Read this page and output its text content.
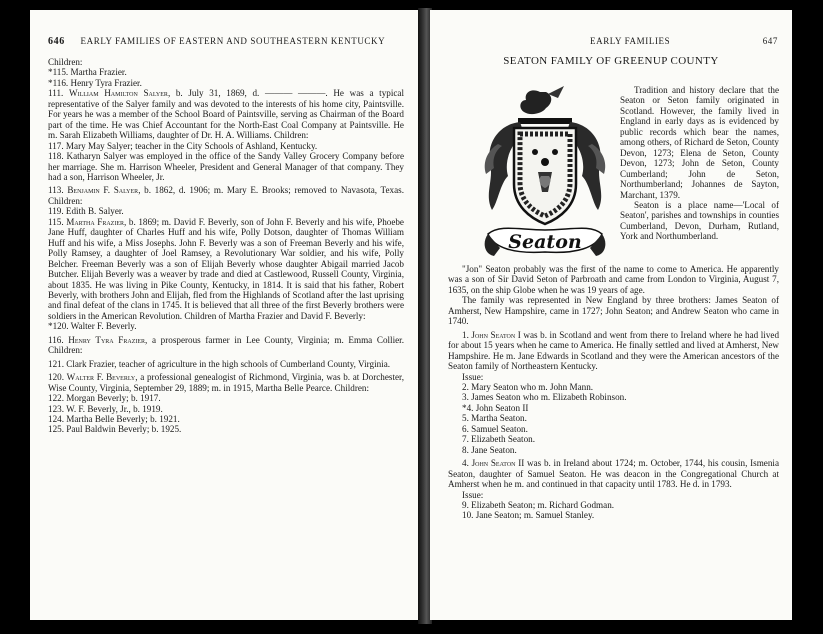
646 EARLY FAMILIES OF EASTERN AND SOUTHEASTERN KENTUCKY

Children:

*115. Martha Frazier.

*116. Henry Tyra Frazier.

111. William Hamilton Salyer, b. July 31, 1869, d. ——— ———. He was a typical representative of the Salyer family and was devoted to the interests of his home city, Paintsville. For years he was a member of the School Board of Paintsville, serving as Chairman of the Board part of the time. He was Chief Accountant for the North-East Coal Company at Paintsville. He m. Sarah Elizabeth Williams, daughter of Dr. H. A. Williams. Children:

117. Mary May Salyer; teacher in the City Schools of Ashland, Kentucky.

118. Katharyn Salyer was employed in the office of the Sandy Valley Grocery Company before her marriage. She m. Harrison Wheeler, President and General Manager of that company. They had a son, Harrison Wheeler, Jr.

113. Benjamin F. Salyer, b. 1862, d. 1906; m. Mary E. Brooks; removed to Navasota, Texas. Children:

119. Edith B. Salyer.

115. Martha Frazier, b. 1869; m. David F. Beverly, son of John F. Beverly and his wife, Phoebe Jane Huff, daughter of Charles Huff and his wife, Polly Dotson, daughter of Thomas William Huff and his wife, a Miss Josephs. John F. Beverly was a son of Freeman Beverly and his wife, Polly Ramsey, a daughter of Joel Ramsey, a Revolutionary War soldier, and his wife, Polly Belcher. Freeman Beverly was a son of Elijah Beverly whose daughter Abigail married Jacob Butcher. Elijah Beverly was a weaver by trade and died at Castlewood, Russell County, Virginia, about 1835. He was living in Pike County, Kentucky, in 1814. It is said that his father, Robert Beverly, with brothers John and Elijah, fled from the Highlands of Scotland after the last uprising and final defeat of the clans in 1745. It is believed that all three of the first Beverly brothers were soldiers in the American Revolution. Children of Martha Frazier and David F. Beverly:

*120. Walter F. Beverly.

116. Henry Tyra Frazier, a prosperous farmer in Lee County, Virginia; m. Emma Collier. Children:

121. Clark Frazier, teacher of agriculture in the high schools of Cumberland County, Virginia.

120. Walter F. Beverly, a professional genealogist of Richmond, Virginia, was b. at Dorchester, Wise County, Virginia, September 29, 1889; m. in 1915, Martha Belle Pearce. Children:

122. Morgan Beverly; b. 1917.

123. W. F. Beverly, Jr., b. 1919.

124. Martha Belle Beverly; b. 1921.

125. Paul Baldwin Beverly; b. 1925.

EARLY FAMILIES	647
SEATON FAMILY OF GREENUP COUNTY
Seaton

Tradition and history declare that the Seaton or Seton family originated in Scotland. However, the family lived in England in early days as is evidenced by public records which bear the names, among others, of Richard de Seton, County Devon, 1273; Elena de Seton, County Devon, 1273; John de Seton, County Cumberland; John de Seton, Northumberland; Johannes de Sayton, Marchant, 1379.

Seaton is a place name—'Local of Seaton', parishes and townships in counties Cumberland, Devon, Durham, Rutland, York and Northumberland.

"Jon" Seaton probably was the first of the name to come to America. He apparently was a son of Sir David Seton of Parbroath and came from London to Virginia, August 7, 1635, on the ship Globe when he was 19 years of age.

The family was represented in New England by three brothers: James Seaton of Amherst, New Hampshire, came in 1727; John Seaton; and Andrew Seaton who came in 1740.

1. John Seaton I was b. in Scotland and went from there to Ireland where he had lived for about 15 years when he came to America. He finally settled and lived at Amherst, New Hampshire. He m. Jane Edwards in Scotland and they were the American ancestors of the Seaton family of Northeastern Kentucky.

Issue:

2. Mary Seaton who m. John Mann.

3. James Seaton who m. Elizabeth Robinson.

*4. John Seaton II

5. Martha Seaton.

6. Samuel Seaton.

7. Elizabeth Seaton.

8. Jane Seaton.

4. John Seaton II was b. in Ireland about 1724; m. October, 1744, his cousin, Ismenia Seaton, daughter of Samuel Seaton. He was deacon in the Congregational Church at Amherst when he m. and continued in that capacity until 1783. He d. in 1793.

Issue:

9. Elizabeth Seaton; m. Richard Godman.

10. Jane Seaton; m. Samuel Stanley.
